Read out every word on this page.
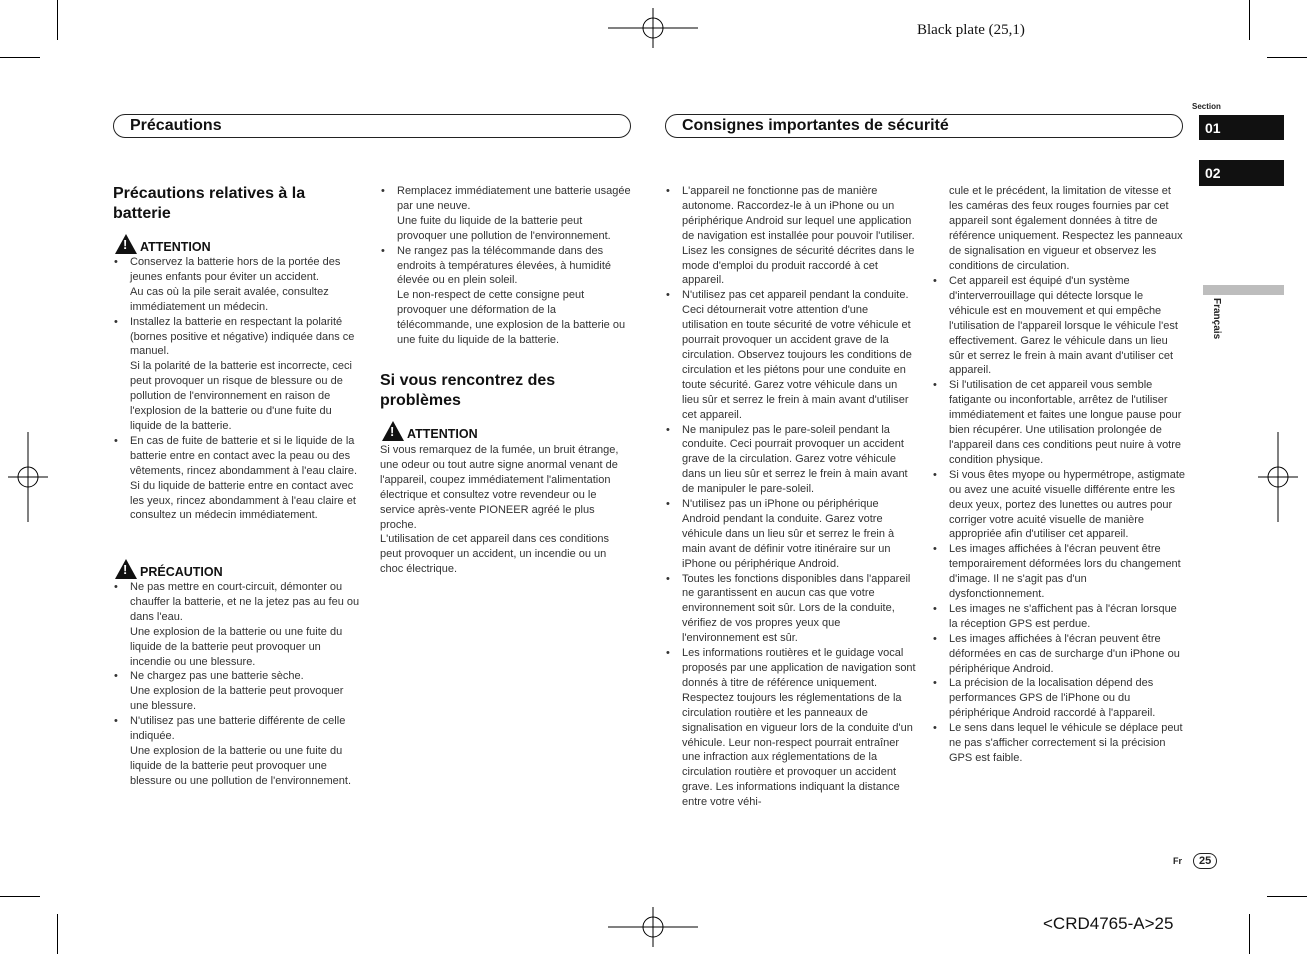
Black plate (25,1)
Section
01
02
Français
Précautions	Consignes importantes de sécurité
Précautions relatives à la batterie
!ATTENTION
• Conservez la batterie hors de la portée des jeunes enfants pour éviter un accident.
Au cas où la pile serait avalée, consultez immédiatement un médecin.
• Installez la batterie en respectant la polarité (bornes positive et négative) indiquée dans ce manuel.
Si la polarité de la batterie est incorrecte, ceci peut provoquer un risque de blessure ou de pollution de l'environnement en raison de l'explosion de la batterie ou d'une fuite du liquide de la batterie.
• En cas de fuite de batterie et si le liquide de la batterie entre en contact avec la peau ou des vêtements, rincez abondamment à l'eau claire. Si du liquide de batterie entre en contact avec les yeux, rincez abondamment à l'eau claire et consultez un médecin immédiatement.
!PRÉCAUTION
• Ne pas mettre en court-circuit, démonter ou chauffer la batterie, et ne la jetez pas au feu ou dans l'eau.
Une explosion de la batterie ou une fuite du liquide de la batterie peut provoquer un incendie ou une blessure.
• Ne chargez pas une batterie sèche.
Une explosion de la batterie peut provoquer une blessure.
• N'utilisez pas une batterie différente de celle indiquée.
Une explosion de la batterie ou une fuite du liquide de la batterie peut provoquer une blessure ou une pollution de l'environnement.
• Remplacez immédiatement une batterie usagée par une neuve.
Une fuite du liquide de la batterie peut provoquer une pollution de l'environnement.
• Ne rangez pas la télécommande dans des endroits à températures élevées, à humidité élevée ou en plein soleil.
Le non-respect de cette consigne peut provoquer une déformation de la télécommande, une explosion de la batterie ou une fuite du liquide de la batterie.
Si vous rencontrez des problèmes
!ATTENTION

Si vous remarquez de la fumée, un bruit étrange, une odeur ou tout autre signe anormal venant de l'appareil, coupez immédiatement l'alimentation électrique et consultez votre revendeur ou le service après-vente PIONEER agréé le plus proche.

L'utilisation de cet appareil dans ces conditions peut provoquer un accident, un incendie ou un choc électrique.

• L'appareil ne fonctionne pas de manière autonome. Raccordez-le à un iPhone ou un périphérique Android sur lequel une application de navigation est installée pour pouvoir l'utiliser.
Lisez les consignes de sécurité décrites dans le mode d'emploi du produit raccordé à cet appareil.
• N'utilisez pas cet appareil pendant la conduite. Ceci détournerait votre attention d'une utilisation en toute sécurité de votre véhicule et pourrait provoquer un accident grave de la circulation. Observez toujours les conditions de circulation et les piétons pour une conduite en toute sécurité. Garez votre véhicule dans un lieu sûr et serrez le frein à main avant d'utiliser cet appareil.
• Ne manipulez pas le pare-soleil pendant la conduite. Ceci pourrait provoquer un accident grave de la circulation. Garez votre véhicule dans un lieu sûr et serrez le frein à main avant de manipuler le pare-soleil.
• N'utilisez pas un iPhone ou périphérique Android pendant la conduite. Garez votre véhicule dans un lieu sûr et serrez le frein à main avant de définir votre itinéraire sur un iPhone ou périphérique Android.
• Toutes les fonctions disponibles dans l'appareil ne garantissent en aucun cas que votre environnement soit sûr. Lors de la conduite, vérifiez de vos propres yeux que l'environnement est sûr.
• Les informations routières et le guidage vocal proposés par une application de navigation sont donnés à titre de référence uniquement. Respectez toujours les réglementations de la circulation routière et les panneaux de signalisation en vigueur lors de la conduite d'un véhicule. Leur non-respect pourrait entraîner une infraction aux réglementations de la circulation routière et provoquer un accident grave. Les informations indiquant la distance entre votre véhi-

cule et le précédent, la limitation de vitesse et les caméras des feux rouges fournies par cet appareil sont également données à titre de référence uniquement. Respectez les panneaux de signalisation en vigueur et observez les conditions de circulation.

• Cet appareil est équipé d'un système d'interverrouillage qui détecte lorsque le véhicule est en mouvement et qui empêche l'utilisation de l'appareil lorsque le véhicule l'est effectivement. Garez le véhicule dans un lieu sûr et serrez le frein à main avant d'utiliser cet appareil.
• Si l'utilisation de cet appareil vous semble fatigante ou inconfortable, arrêtez de l'utiliser immédiatement et faites une longue pause pour bien récupérer. Une utilisation prolongée de l'appareil dans ces conditions peut nuire à votre condition physique.
• Si vous êtes myope ou hypermétrope, astigmate ou avez une acuité visuelle différente entre les deux yeux, portez des lunettes ou autres pour corriger votre acuité visuelle de manière appropriée afin d'utiliser cet appareil.
• Les images affichées à l'écran peuvent être temporairement déformées lors du changement d'image. Il ne s'agit pas d'un dysfonctionnement.
• Les images ne s'affichent pas à l'écran lorsque la réception GPS est perdue.
• Les images affichées à l'écran peuvent être déformées en cas de surcharge d'un iPhone ou périphérique Android.
• La précision de la localisation dépend des performances GPS de l'iPhone ou du périphérique Android raccordé à l'appareil.
• Le sens dans lequel le véhicule se déplace peut ne pas s'afficher correctement si la précision GPS est faible.
Fr	25
<CRD4765-A>25
